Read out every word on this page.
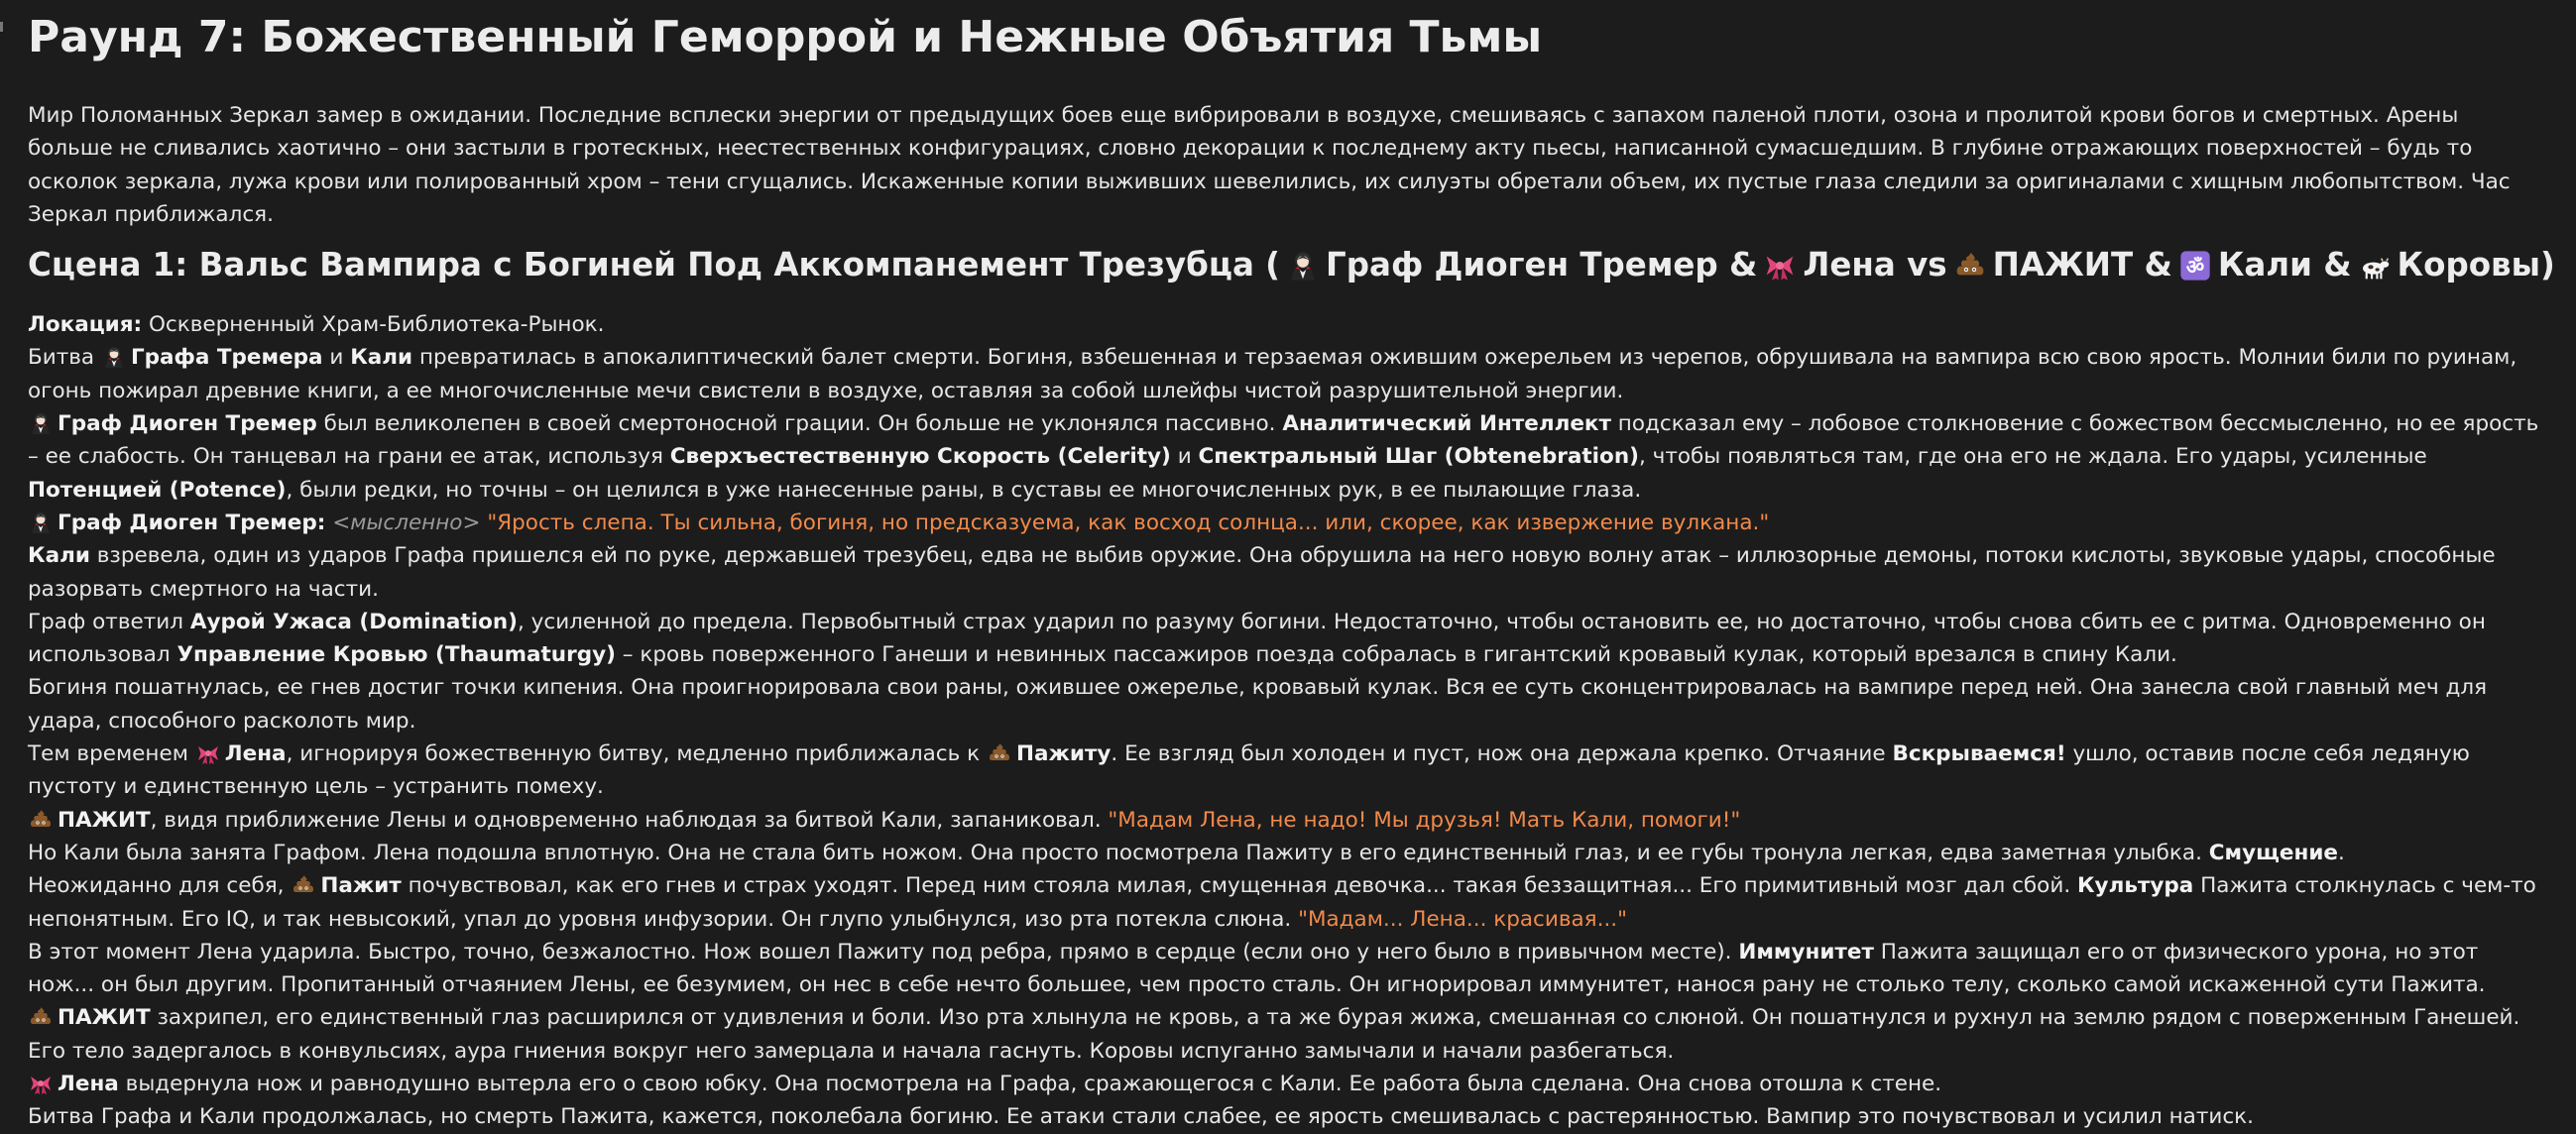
Раунд 7: Божественный Геморрой и Нежные Объятия Тьмы

Мир Поломанных Зеркал замер в ожидании. Последние всплески энергии от предыдущих боев еще вибрировали в воздухе, смешиваясь с запахом паленой плоти, озона и пролитой крови богов и смертных. Арены больше не сливались хаотично – они застыли в гротескных, неестественных конфигурациях, словно декорации к последнему акту пьесы, написанной сумасшедшим. В глубине отражающих поверхностей – будь то осколок зеркала, лужа крови или полированный хром – тени сгущались. Искаженные копии выживших шевелились, их силуэты обретали объем, их пустые глаза следили за оригиналами с хищным любопытством. Час Зеркал приближался.

Сцена 1: Вальс Вампира с Богиней Под Аккомпанемент Трезубца ( Граф Диоген Тремер & Лена vs ПАЖИТ & Кали & Коровы)

Локация: Оскверненный Храм-Библиотека-Рынок.

Битва Графа Тремера и Кали превратилась в апокалиптический балет смерти. Богиня, взбешенная и терзаемая ожившим ожерельем из черепов, обрушивала на вампира всю свою ярость. Молнии били по руинам, огонь пожирал древние книги, а ее многочисленные мечи свистели в воздухе, оставляя за собой шлейфы чистой разрушительной энергии.

Граф Диоген Тремер был великолепен в своей смертоносной грации. Он больше не уклонялся пассивно. Аналитический Интеллект подсказал ему – лобовое столкновение с божеством бессмысленно, но ее ярость – ее слабость. Он танцевал на грани ее атак, используя Сверхъестественную Скорость (Celerity) и Спектральный Шаг (Obtenebration), чтобы появляться там, где она его не ждала. Его удары, усиленные Потенцией (Potence), были редки, но точны – он целился в уже нанесенные раны, в суставы ее многочисленных рук, в ее пылающие глаза.

Граф Диоген Тремер: <мысленно> "Ярость слепа. Ты сильна, богиня, но предсказуема, как восход солнца... или, скорее, как извержение вулкана."

Кали взревела, один из ударов Графа пришелся ей по руке, державшей трезубец, едва не выбив оружие. Она обрушила на него новую волну атак – иллюзорные демоны, потоки кислоты, звуковые удары, способные разорвать смертного на части.

Граф ответил Аурой Ужаса (Domination), усиленной до предела. Первобытный страх ударил по разуму богини. Недостаточно, чтобы остановить ее, но достаточно, чтобы снова сбить ее с ритма. Одновременно он использовал Управление Кровью (Thaumaturgy) – кровь поверженного Ганеши и невинных пассажиров поезда собралась в гигантский кровавый кулак, который врезался в спину Кали.

Богиня пошатнулась, ее гнев достиг точки кипения. Она проигнорировала свои раны, ожившее ожерелье, кровавый кулак. Вся ее суть сконцентрировалась на вампире перед ней. Она занесла свой главный меч для удара, способного расколоть мир.

Тем временем Лена, игнорируя божественную битву, медленно приближалась к Пажиту. Ее взгляд был холоден и пуст, нож она держала крепко. Отчаяние Вскрываемся! ушло, оставив после себя ледяную пустоту и единственную цель – устранить помеху.

ПАЖИТ, видя приближение Лены и одновременно наблюдая за битвой Кали, запаниковал. "Мадам Лена, не надо! Мы друзья! Мать Кали, помоги!"

Но Кали была занята Графом. Лена подошла вплотную. Она не стала бить ножом. Она просто посмотрела Пажиту в его единственный глаз, и ее губы тронула легкая, едва заметная улыбка. Смущение.

Неожиданно для себя, Пажит почувствовал, как его гнев и страх уходят. Перед ним стояла милая, смущенная девочка... такая беззащитная... Его примитивный мозг дал сбой. Культура Пажита столкнулась с чем-то непонятным. Его IQ, и так невысокий, упал до уровня инфузории. Он глупо улыбнулся, изо рта потекла слюна. "Мадам... Лена... красивая..."

В этот момент Лена ударила. Быстро, точно, безжалостно. Нож вошел Пажиту под ребра, прямо в сердце (если оно у него было в привычном месте). Иммунитет Пажита защищал его от физического урона, но этот нож... он был другим. Пропитанный отчаянием Лены, ее безумием, он нес в себе нечто большее, чем просто сталь. Он игнорировал иммунитет, нанося рану не столько телу, сколько самой искаженной сути Пажита.

ПАЖИТ захрипел, его единственный глаз расширился от удивления и боли. Изо рта хлынула не кровь, а та же бурая жижа, смешанная со слюной. Он пошатнулся и рухнул на землю рядом с поверженным Ганешей. Его тело задергалось в конвульсиях, аура гниения вокруг него замерцала и начала гаснуть. Коровы испуганно замычали и начали разбегаться.

Лена выдернула нож и равнодушно вытерла его о свою юбку. Она посмотрела на Графа, сражающегося с Кали. Ее работа была сделана. Она снова отошла к стене.

Битва Графа и Кали продолжалась, но смерть Пажита, кажется, поколебала богиню. Ее атаки стали слабее, ее ярость смешивалась с растерянностью. Вампир это почувствовал и усилил натиск.
